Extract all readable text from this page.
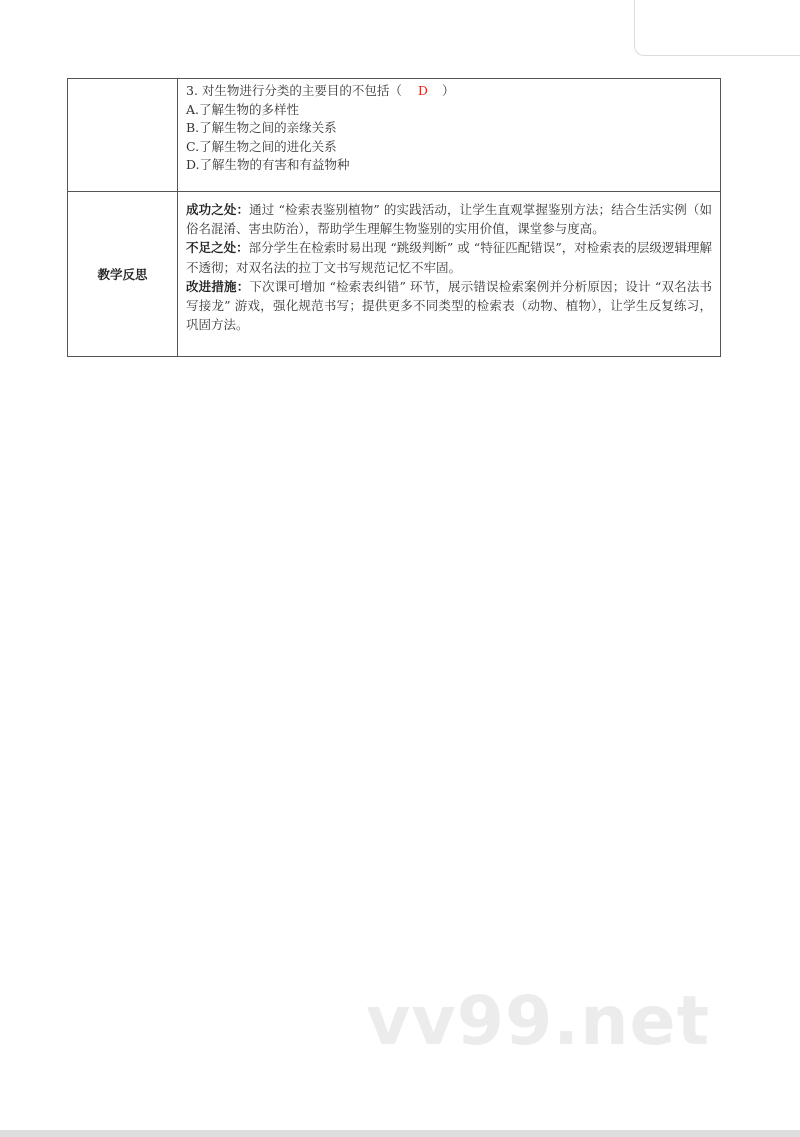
	3. 对生物进行分类的主要目的不包括（ D ）
A.了解生物的多样性
B.了解生物之间的亲缘关系
C.了解生物之间的进化关系
D.了解生物的有害和有益物种

教学反思	成功之处：通过 “检索表鉴别植物” 的实践活动，让学生直观掌握鉴别方法；结合生活实例（如俗名混淆、害虫防治），帮助学生理解生物鉴别的实用价值，课堂参与度高。
不足之处：部分学生在检索时易出现 “跳级判断” 或 “特征匹配错误”，对检索表的层级逻辑理解不透彻；对双名法的拉丁文书写规范记忆不牢固。
改进措施：下次课可增加 “检索表纠错” 环节，展示错误检索案例并分析原因；设计 “双名法书写接龙” 游戏，强化规范书写；提供更多不同类型的检索表（动物、植物），让学生反复练习，巩固方法。
vv99.net
